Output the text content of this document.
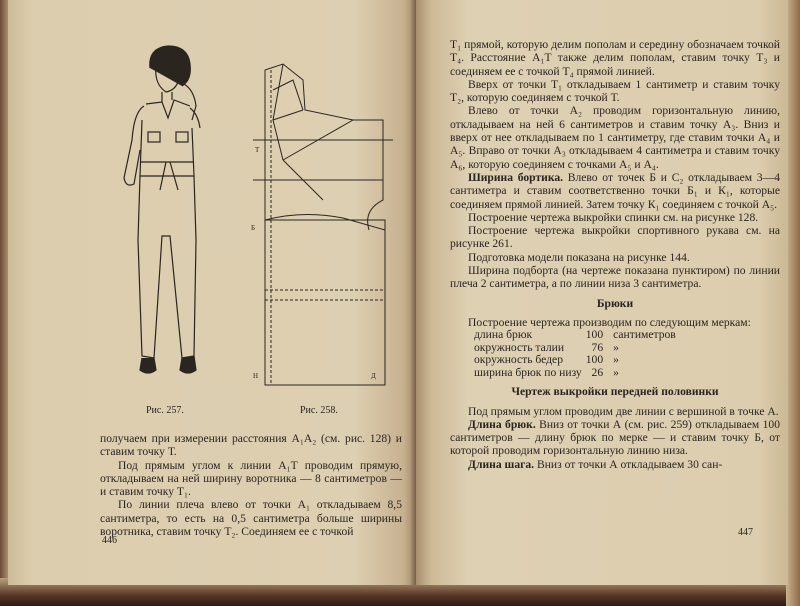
Рис. 257.
Т
Б
Д
Н
Рис. 258.

получаем при измерении расстояния A₁A₂ (см. рис. 128) и ставим точку Т.

Под прямым углом к линии A₁T проводим прямую, откладываем на ней ширину воротника — 8 сантиметров — и ставим точку T₁.

По линии плеча влево от точки A₁ откладываем 8,5 сантиметра, то есть на 0,5 сантиметра больше ширины воротника, ставим точку T₂. Соединяем ее с точкой

446

T₁ прямой, которую делим пополам и середину обозначаем точкой T₄. Расстояние A₁T также делим пополам, ставим точку T₃ и соединяем ее с точкой T₄ прямой линией.

Вверх от точки T₁ откладываем 1 сантиметр и ставим точку T₂, которую соединяем с точкой Т.

Влево от точки A₂ проводим горизонтальную линию, откладываем на ней 6 сантиметров и ставим точку A₃. Вниз и вверх от нее откладываем по 1 сантиметру, где ставим точки A₄ и A₅. Вправо от точки A₃ откладываем 4 сантиметра и ставим точку A₆, которую соединяем с точками A₅ и A₄.

Ширина бортика. Влево от точек Б и C₂ откладываем 3—4 сантиметра и ставим соответственно точки Б₁ и К₁, которые соединяем прямой линией. Затем точку К₁ соединяем с точкой A₅.

Построение чертежа выкройки спинки см. на рисунке 128.

Построение чертежа выкройки спортивного рукава см. на рисунке 261.

Подготовка модели показана на рисунке 144.

Ширина подборта (на чертеже показана пунктиром) по линии плеча 2 сантиметра, а по линии низа 3 сантиметра.

Брюки

Построение чертежа производим по следующим меркам:

длина брюк	100	сантиметров
окружность талии	76	»
окружность бедер	100	»
ширина брюк по низу	26	»

Чертеж выкройки передней половинки

Под прямым углом проводим две линии с вершиной в точке А.

Длина брюк. Вниз от точки А (см. рис. 259) откладываем 100 сантиметров — длину брюк по мерке — и ставим точку Б, от которой проводим горизонтальную линию низа.

Длина шага. Вниз от точки А откладываем 30 сан-

447
